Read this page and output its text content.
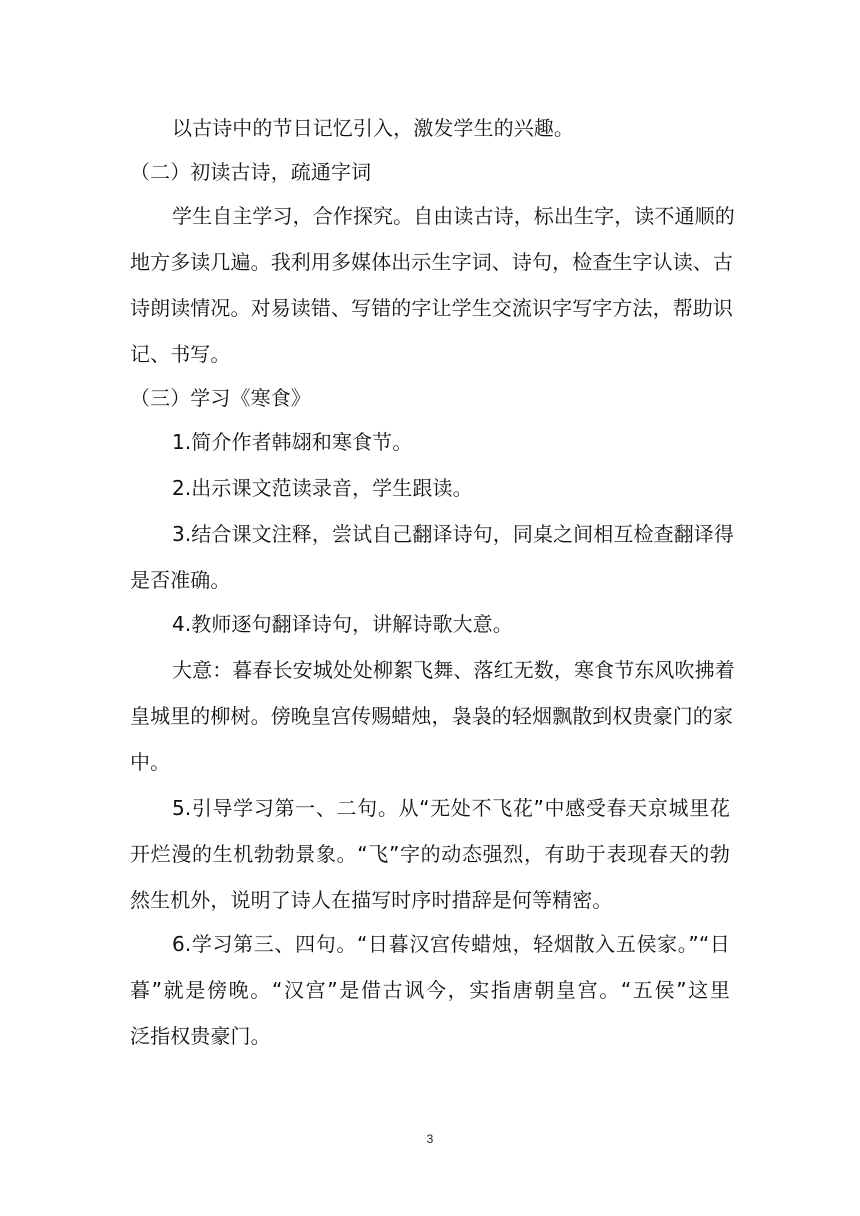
以古诗中的节日记忆引入，激发学生的兴趣。
（二）初读古诗，疏通字词
学生自主学习，合作探究。自由读古诗，标出生字，读不通顺的
地方多读几遍。我利用多媒体出示生字词、诗句，检查生字认读、古
诗朗读情况。对易读错、写错的字让学生交流识字写字方法，帮助识
记、书写。
（三）学习《寒食》
1.简介作者韩翃和寒食节。
2.出示课文范读录音，学生跟读。
3.结合课文注释，尝试自己翻译诗句，同桌之间相互检查翻译得
是否准确。
4.教师逐句翻译诗句，讲解诗歌大意。
大意：暮春长安城处处柳絮飞舞、落红无数，寒食节东风吹拂着
皇城里的柳树。傍晚皇宫传赐蜡烛，袅袅的轻烟飘散到权贵豪门的家
中。
5.引导学习第一、二句。从“无处不飞花”中感受春天京城里花
开烂漫的生机勃勃景象。“飞”字的动态强烈，有助于表现春天的勃
然生机外，说明了诗人在描写时序时措辞是何等精密。
6.学习第三、四句。“日暮汉宫传蜡烛，轻烟散入五侯家。”“日
暮”就是傍晚。“汉宫”是借古讽今，实指唐朝皇宫。“五侯”这里
泛指权贵豪门。
3
